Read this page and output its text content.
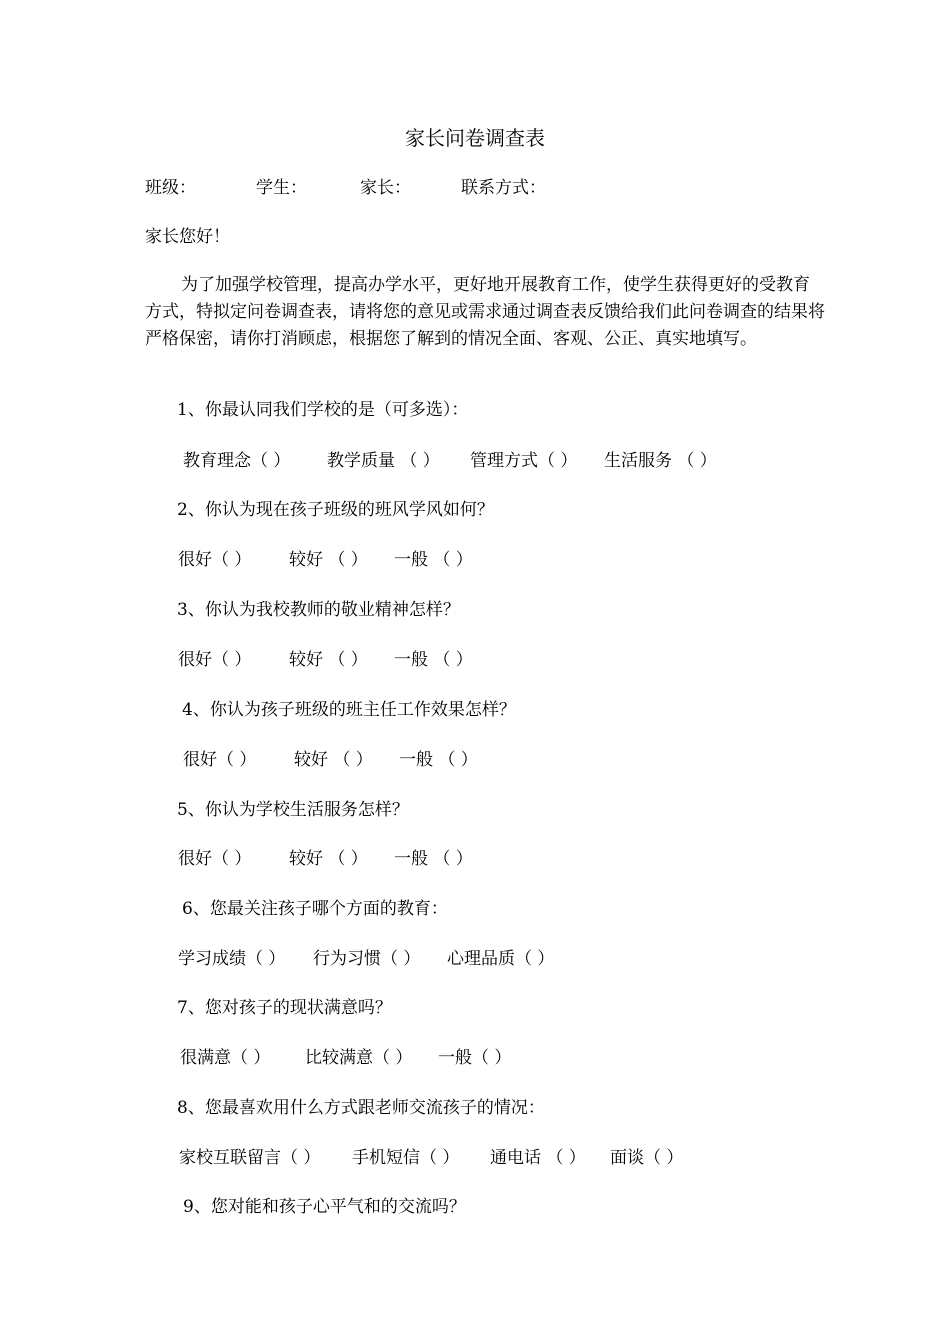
家长问卷调查表
班级：	学生：	家长：	联系方式：
家长您好！
为了加强学校管理，提高办学水平，更好地开展教育工作，使学生获得更好的受教育方式，特拟定问卷调查表，请将您的意见或需求通过调查表反馈给我们此问卷调查的结果将严格保密，请你打消顾虑，根据您了解到的情况全面、客观、公正、真实地填写。
1、你最认同我们学校的是（可多选）：
教育理念（ ） 教学质量 （ ） 管理方式（ ） 生活服务 （ ）
2、你认为现在孩子班级的班风学风如何？
很好（ ） 较好 （ ） 一般 （ ）
3、你认为我校教师的敬业精神怎样？
很好（ ） 较好 （ ） 一般 （ ）
4、你认为孩子班级的班主任工作效果怎样？
很好（ ） 较好 （ ） 一般 （ ）
5、你认为学校生活服务怎样？
很好（ ） 较好 （ ） 一般 （ ）
6、您最关注孩子哪个方面的教育：
学习成绩（ ） 行为习惯（ ） 心理品质（ ）
7、您对孩子的现状满意吗？
很满意（ ） 比较满意（ ） 一般（ ）
8、您最喜欢用什么方式跟老师交流孩子的情况：
家校互联留言（ ） 手机短信（ ） 通电话 （ ） 面谈（ ）
9、您对能和孩子心平气和的交流吗？
